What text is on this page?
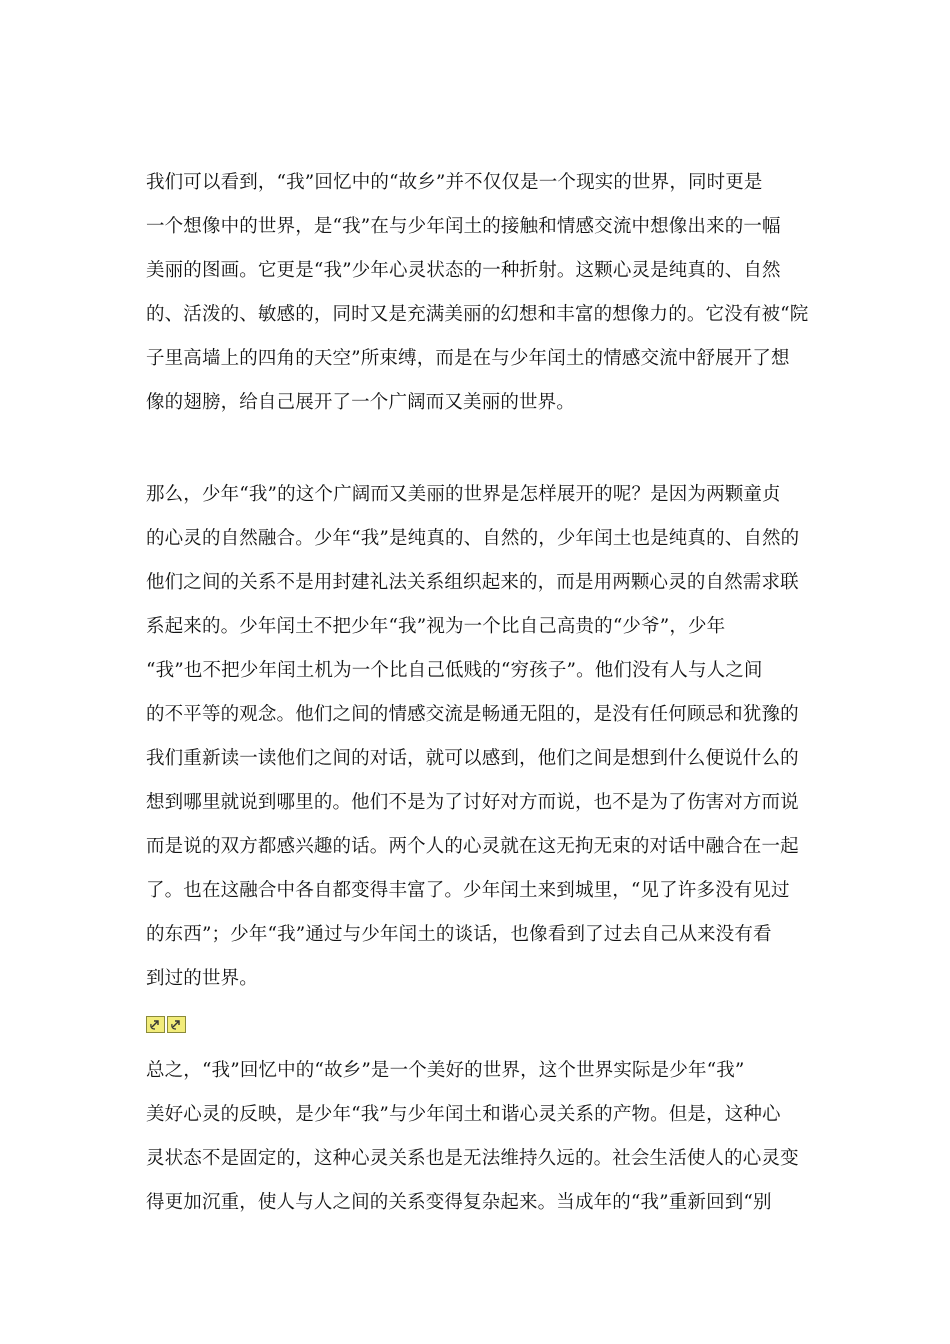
我们可以看到，“我”回忆中的“故乡”并不仅仅是一个现实的世界，同时更是
一个想像中的世界，是“我”在与少年闰土的接触和情感交流中想像出来的一幅
美丽的图画。它更是“我”少年心灵状态的一种折射。这颗心灵是纯真的、自然
的、活泼的、敏感的，同时又是充满美丽的幻想和丰富的想像力的。它没有被“院
子里高墙上的四角的天空”所束缚，而是在与少年闰土的情感交流中舒展开了想
像的翅膀，给自己展开了一个广阔而又美丽的世界。
那么，少年“我”的这个广阔而又美丽的世界是怎样展开的呢？是因为两颗童贞
的心灵的自然融合。少年“我”是纯真的、自然的，少年闰土也是纯真的、自然的
他们之间的关系不是用封建礼法关系组织起来的，而是用两颗心灵的自然需求联
系起来的。少年闰土不把少年“我”视为一个比自己高贵的“少爷”，少年
“我”也不把少年闰土机为一个比自己低贱的“穷孩子”。他们没有人与人之间
的不平等的观念。他们之间的情感交流是畅通无阻的，是没有任何顾忌和犹豫的
我们重新读一读他们之间的对话，就可以感到，他们之间是想到什么便说什么的
想到哪里就说到哪里的。他们不是为了讨好对方而说，也不是为了伤害对方而说
而是说的双方都感兴趣的话。两个人的心灵就在这无拘无束的对话中融合在一起
了。也在这融合中各自都变得丰富了。少年闰土来到城里，“见了许多没有见过
的东西”；少年“我”通过与少年闰土的谈话，也像看到了过去自己从来没有看
到过的世界。
总之，“我”回忆中的“故乡”是一个美好的世界，这个世界实际是少年“我”
美好心灵的反映，是少年“我”与少年闰土和谐心灵关系的产物。但是，这种心
灵状态不是固定的，这种心灵关系也是无法维持久远的。社会生活使人的心灵变
得更加沉重，使人与人之间的关系变得复杂起来。当成年的“我”重新回到“别
